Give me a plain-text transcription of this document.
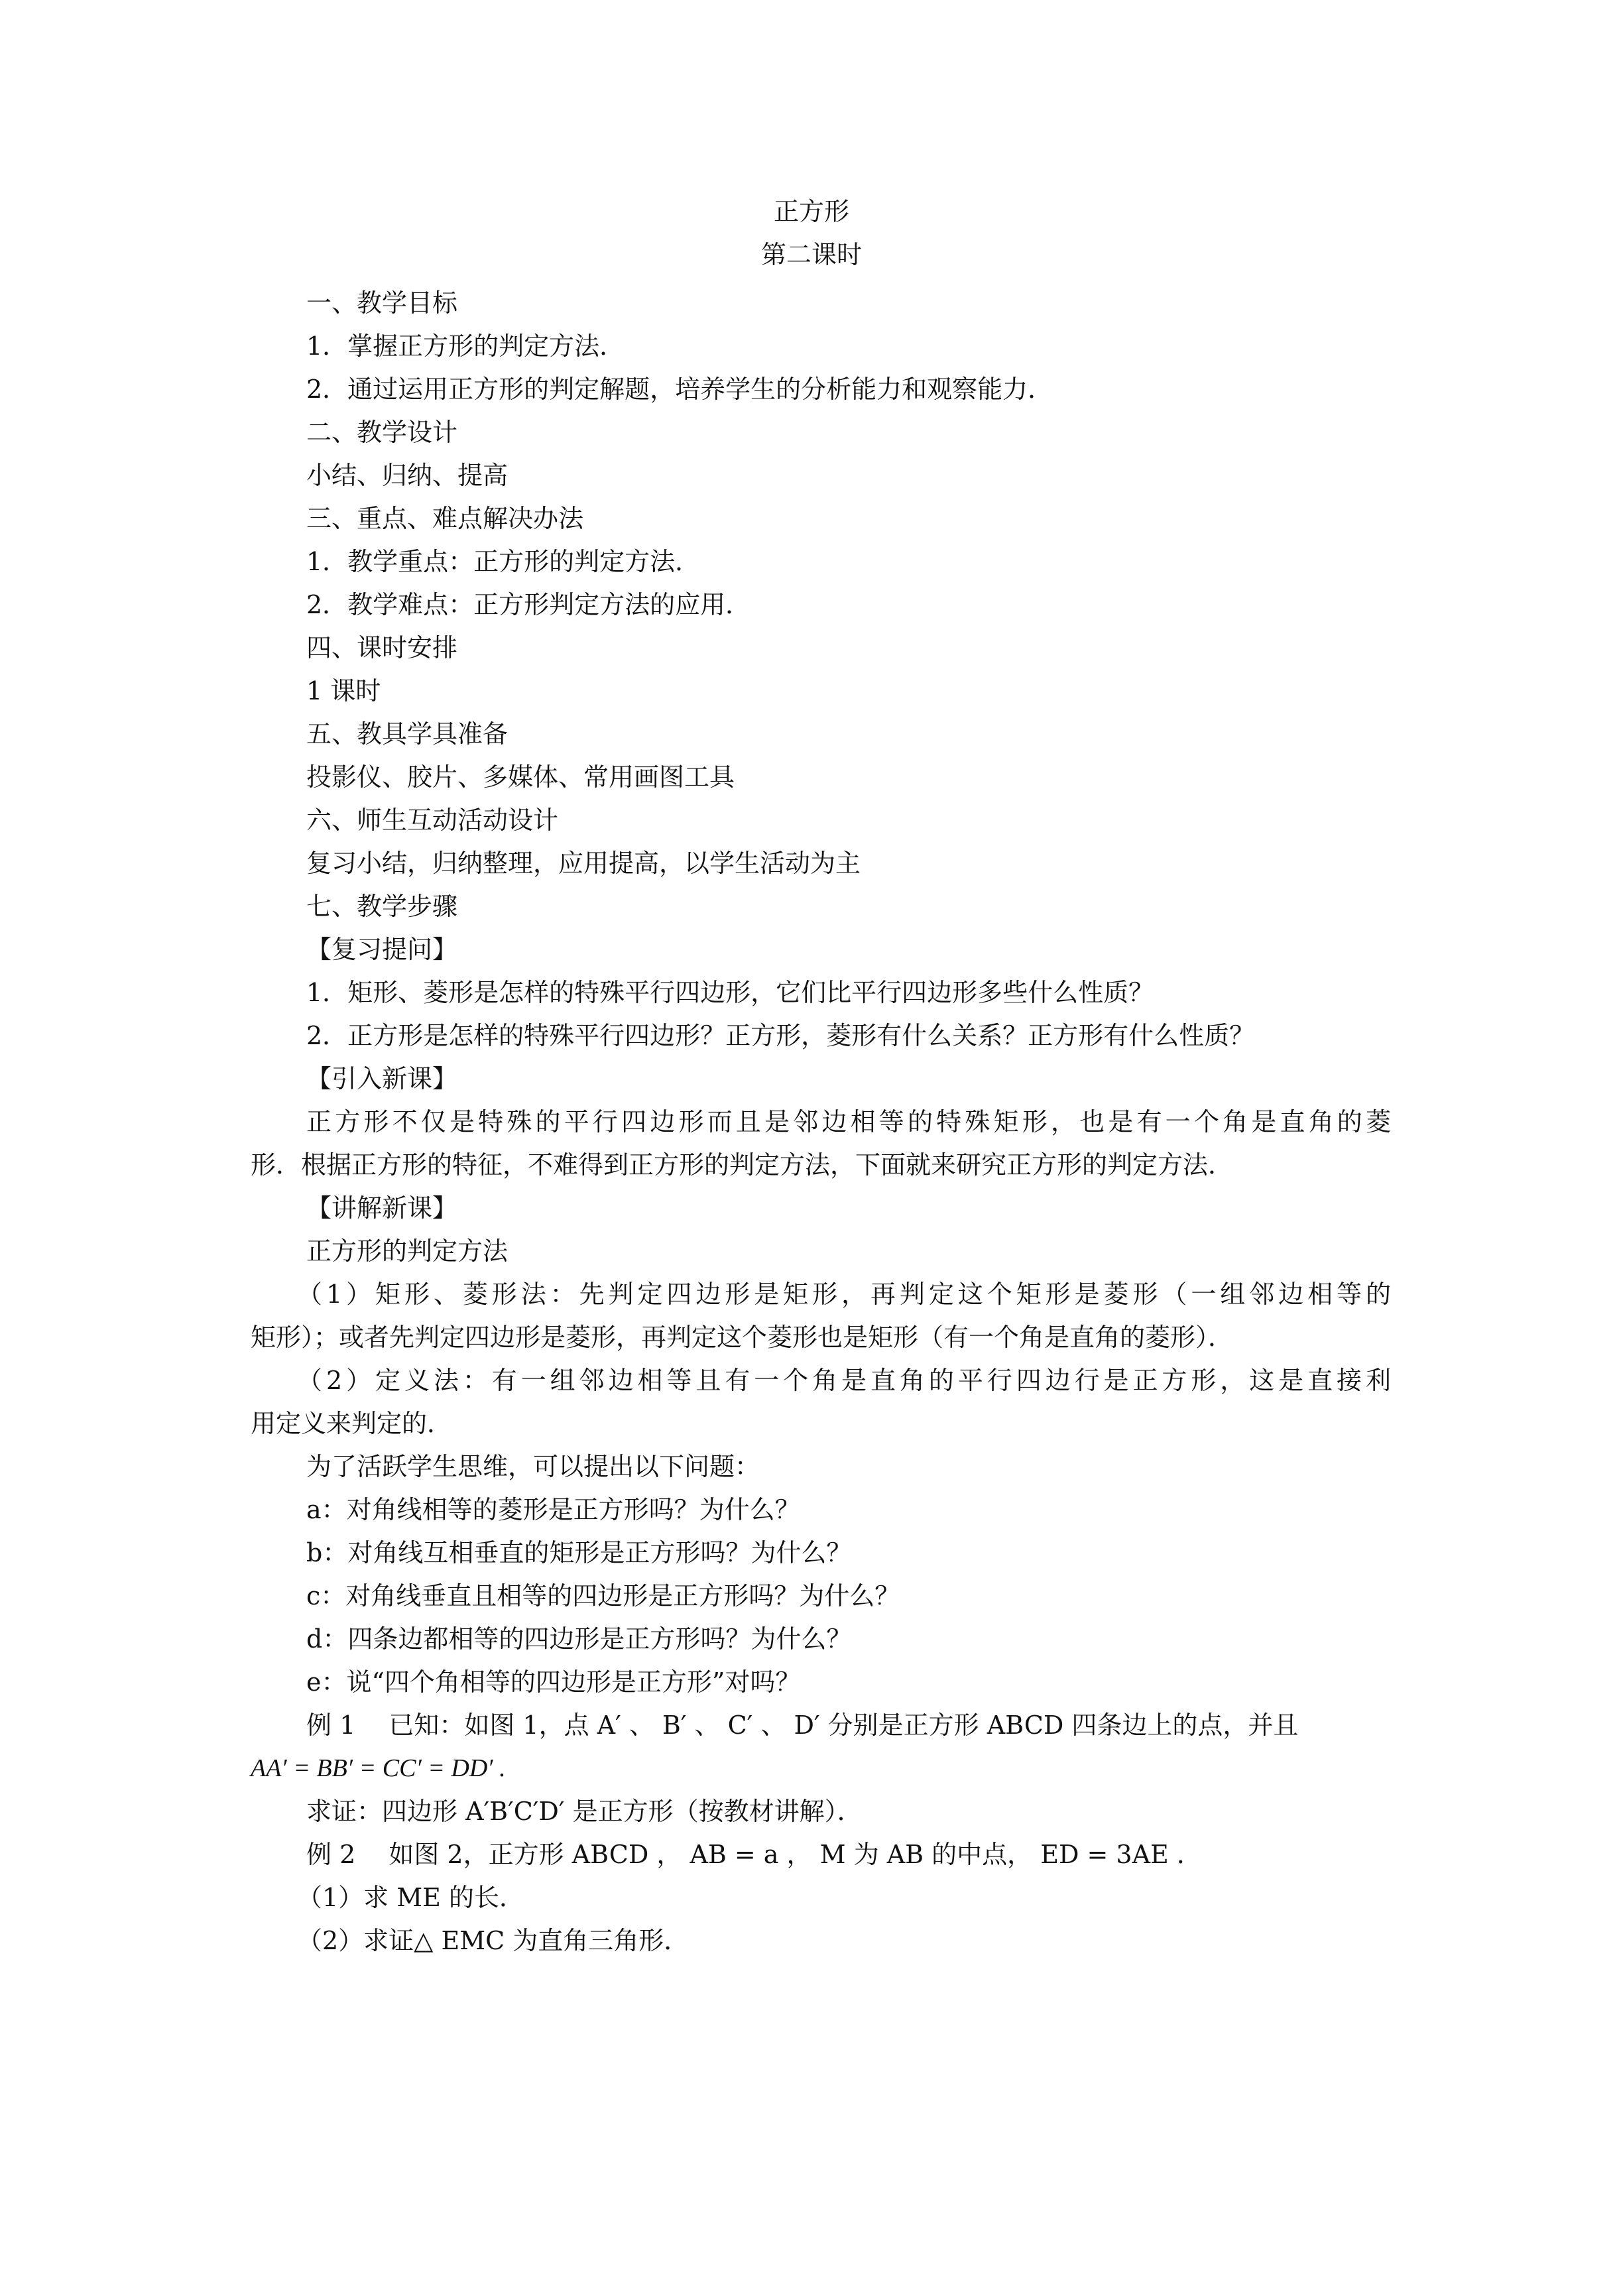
正方形
第二课时
一、教学目标
1．掌握正方形的判定方法．
2．通过运用正方形的判定解题，培养学生的分析能力和观察能力．
二、教学设计
小结、归纳、提高
三、重点、难点解决办法
1．教学重点：正方形的判定方法．
2．教学难点：正方形判定方法的应用．
四、课时安排
1 课时
五、教具学具准备
投影仪、胶片、多媒体、常用画图工具
六、师生互动活动设计
复习小结，归纳整理，应用提高，以学生活动为主
七、教学步骤
【复习提问】
1．矩形、菱形是怎样的特殊平行四边形，它们比平行四边形多些什么性质？
2．正方形是怎样的特殊平行四边形？正方形，菱形有什么关系？正方形有什么性质？
【引入新课】
正方形不仅是特殊的平行四边形而且是邻边相等的特殊矩形，也是有一个角是直角的菱
形．根据正方形的特征，不难得到正方形的判定方法，下面就来研究正方形的判定方法．
【讲解新课】
正方形的判定方法
（1）矩形、菱形法：先判定四边形是矩形，再判定这个矩形是菱形（一组邻边相等的
矩形）；或者先判定四边形是菱形，再判定这个菱形也是矩形（有一个角是直角的菱形）．
（2）定义法：有一组邻边相等且有一个角是直角的平行四边行是正方形，这是直接利
用定义来判定的．
为了活跃学生思维，可以提出以下问题：
a：对角线相等的菱形是正方形吗？为什么？
b：对角线互相垂直的矩形是正方形吗？为什么？
c：对角线垂直且相等的四边形是正方形吗？为什么？
d：四条边都相等的四边形是正方形吗？为什么？
e：说“四个角相等的四边形是正方形”对吗？
例 1　 已知：如图 1，点 A′ 、 B′ 、 C′ 、 D′ 分别是正方形 ABCD 四条边上的点，并且
AA′ = BB′ = CC′ = DD′ .
求证：四边形 A′B′C′D′ 是正方形（按教材讲解）．
例 2　 如图 2，正方形 ABCD ， AB = a ， M 为 AB 的中点， ED = 3AE ．
（1）求 ME 的长．
（2）求证△ EMC 为直角三角形．
